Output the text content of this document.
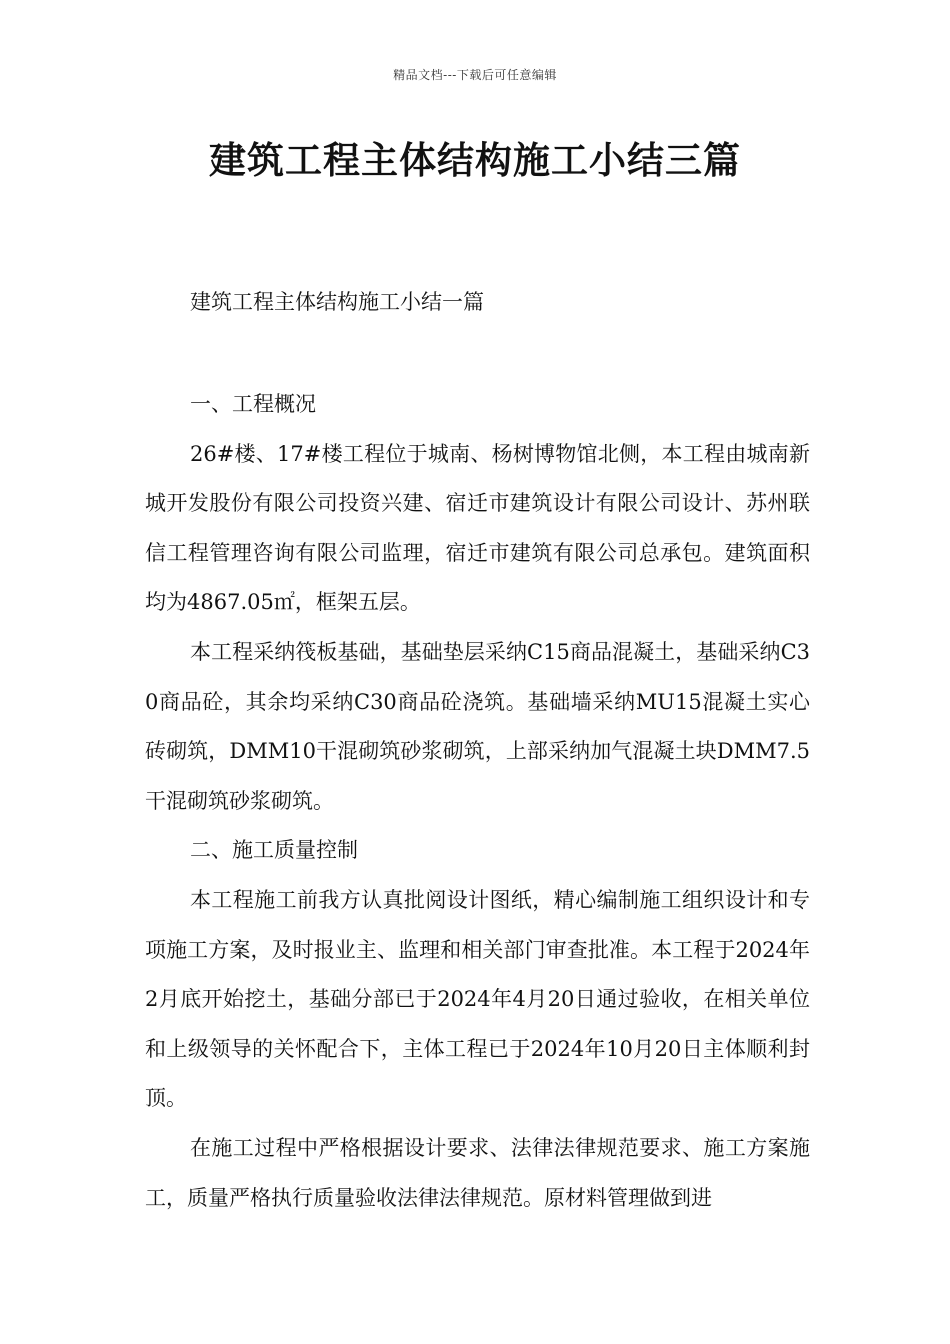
精品文档---下载后可任意编辑
建筑工程主体结构施工小结三篇
建筑工程主体结构施工小结一篇

一、工程概况

26#楼、17#楼工程位于城南、杨树博物馆北侧，本工程由城南新城开发股份有限公司投资兴建、宿迁市建筑设计有限公司设计、苏州联信工程管理咨询有限公司监理，宿迁市建筑有限公司总承包。建筑面积均为4867.05㎡，框架五层。

本工程采纳筏板基础，基础垫层采纳C15商品混凝土，基础采纳C30商品砼，其余均采纳C30商品砼浇筑。基础墙采纳MU15混凝土实心砖砌筑，DMM10干混砌筑砂浆砌筑，上部采纳加气混凝土块DMM7.5干混砌筑砂浆砌筑。

二、施工质量控制

本工程施工前我方认真批阅设计图纸，精心编制施工组织设计和专项施工方案，及时报业主、监理和相关部门审查批准。本工程于2024年2月底开始挖土，基础分部已于2024年4月20日通过验收，在相关单位和上级领导的关怀配合下，主体工程已于2024年10月20日主体顺利封顶。

在施工过程中严格根据设计要求、法律法律规范要求、施工方案施工，质量严格执行质量验收法律法律规范。原材料管理做到进
